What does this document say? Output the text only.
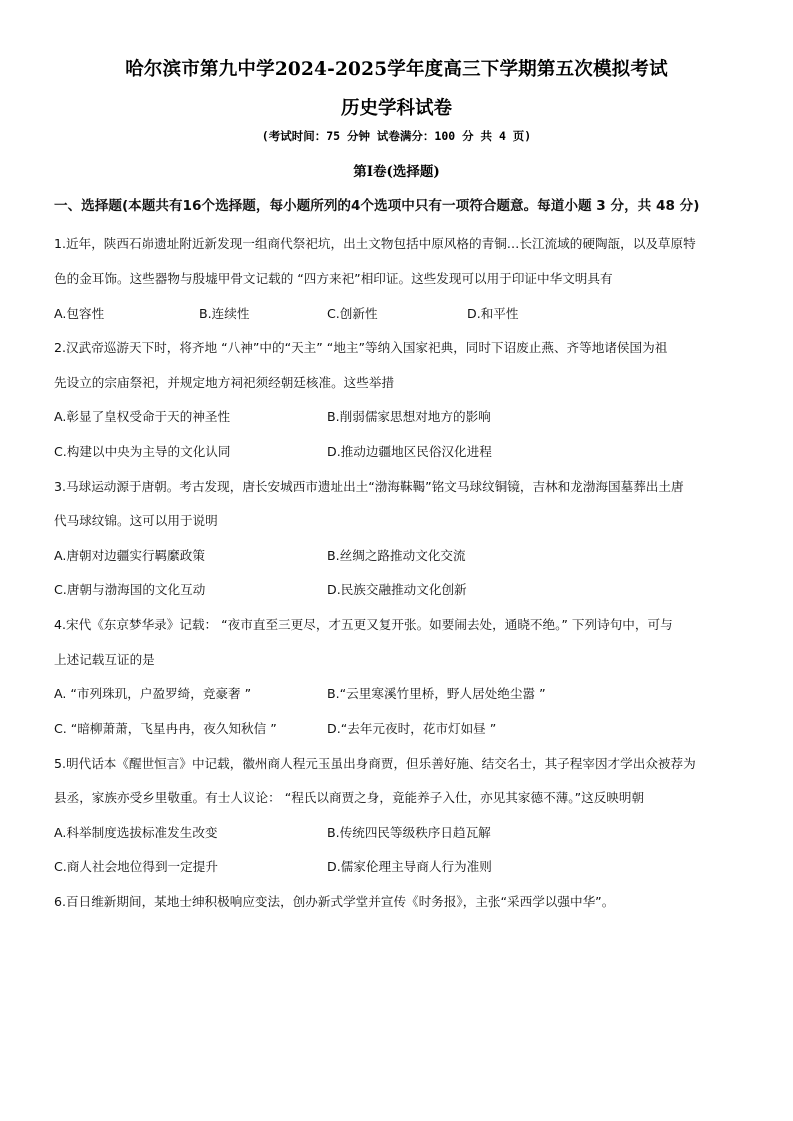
哈尔滨市第九中学2024-2025学年度高三下学期第五次模拟考试
历史学科试卷
(考试时间：75 分钟 试卷满分：100 分 共 4 页)
第Ⅰ卷(选择题)
一、选择题(本题共有16个选择题，每小题所列的4个选项中只有一项符合题意。每道小题 3 分，共 48 分)
1.近年，陕西石峁遗址附近新发现一组商代祭祀坑，出土文物包括中原风格的青铜…长江流域的硬陶瓿，以及草原特
色的金耳饰。这些器物与殷墟甲骨文记载的 “四方来祀”相印证。这些发现可以用于印证中华文明具有
A.包容性	B.连续性	C.创新性	D.和平性
2.汉武帝巡游天下时，将齐地 “八神”中的“天主” “地主”等纳入国家祀典，同时下诏废止燕、齐等地诸侯国为祖
先设立的宗庙祭祀，并规定地方祠祀须经朝廷核准。这些举措
A.彰显了皇权受命于天的神圣性	B.削弱儒家思想对地方的影响
C.构建以中央为主导的文化认同	D.推动边疆地区民俗汉化进程
3.马球运动源于唐朝。考古发现，唐长安城西市遗址出土“渤海靺鞨”铭文马球纹铜镜，吉林和龙渤海国墓葬出土唐
代马球纹锦。这可以用于说明
A.唐朝对边疆实行羁縻政策	B.丝绸之路推动文化交流
C.唐朝与渤海国的文化互动	D.民族交融推动文化创新
4.宋代《东京梦华录》记载： “夜市直至三更尽，才五更又复开张。如要闹去处，通晓不绝。” 下列诗句中，可与
上述记载互证的是
A. “市列珠玑，户盈罗绮，竞豪奢 ”	B.“云里寒溪竹里桥，野人居处绝尘嚣 ”
C. “暗柳萧萧，飞星冉冉，夜久知秋信 ”	D.“去年元夜时，花市灯如昼 ”
5.明代话本《醒世恒言》中记载，徽州商人程元玉虽出身商贾，但乐善好施、结交名士，其子程宰因才学出众被荐为
县丞，家族亦受乡里敬重。有士人议论： “程氏以商贾之身，竟能养子入仕，亦见其家德不薄。”这反映明朝
A.科举制度选拔标准发生改变	B.传统四民等级秩序日趋瓦解
C.商人社会地位得到一定提升	D.儒家伦理主导商人行为准则
6.百日维新期间，某地士绅积极响应变法，创办新式学堂并宣传《时务报》，主张“采西学以强中华”。
